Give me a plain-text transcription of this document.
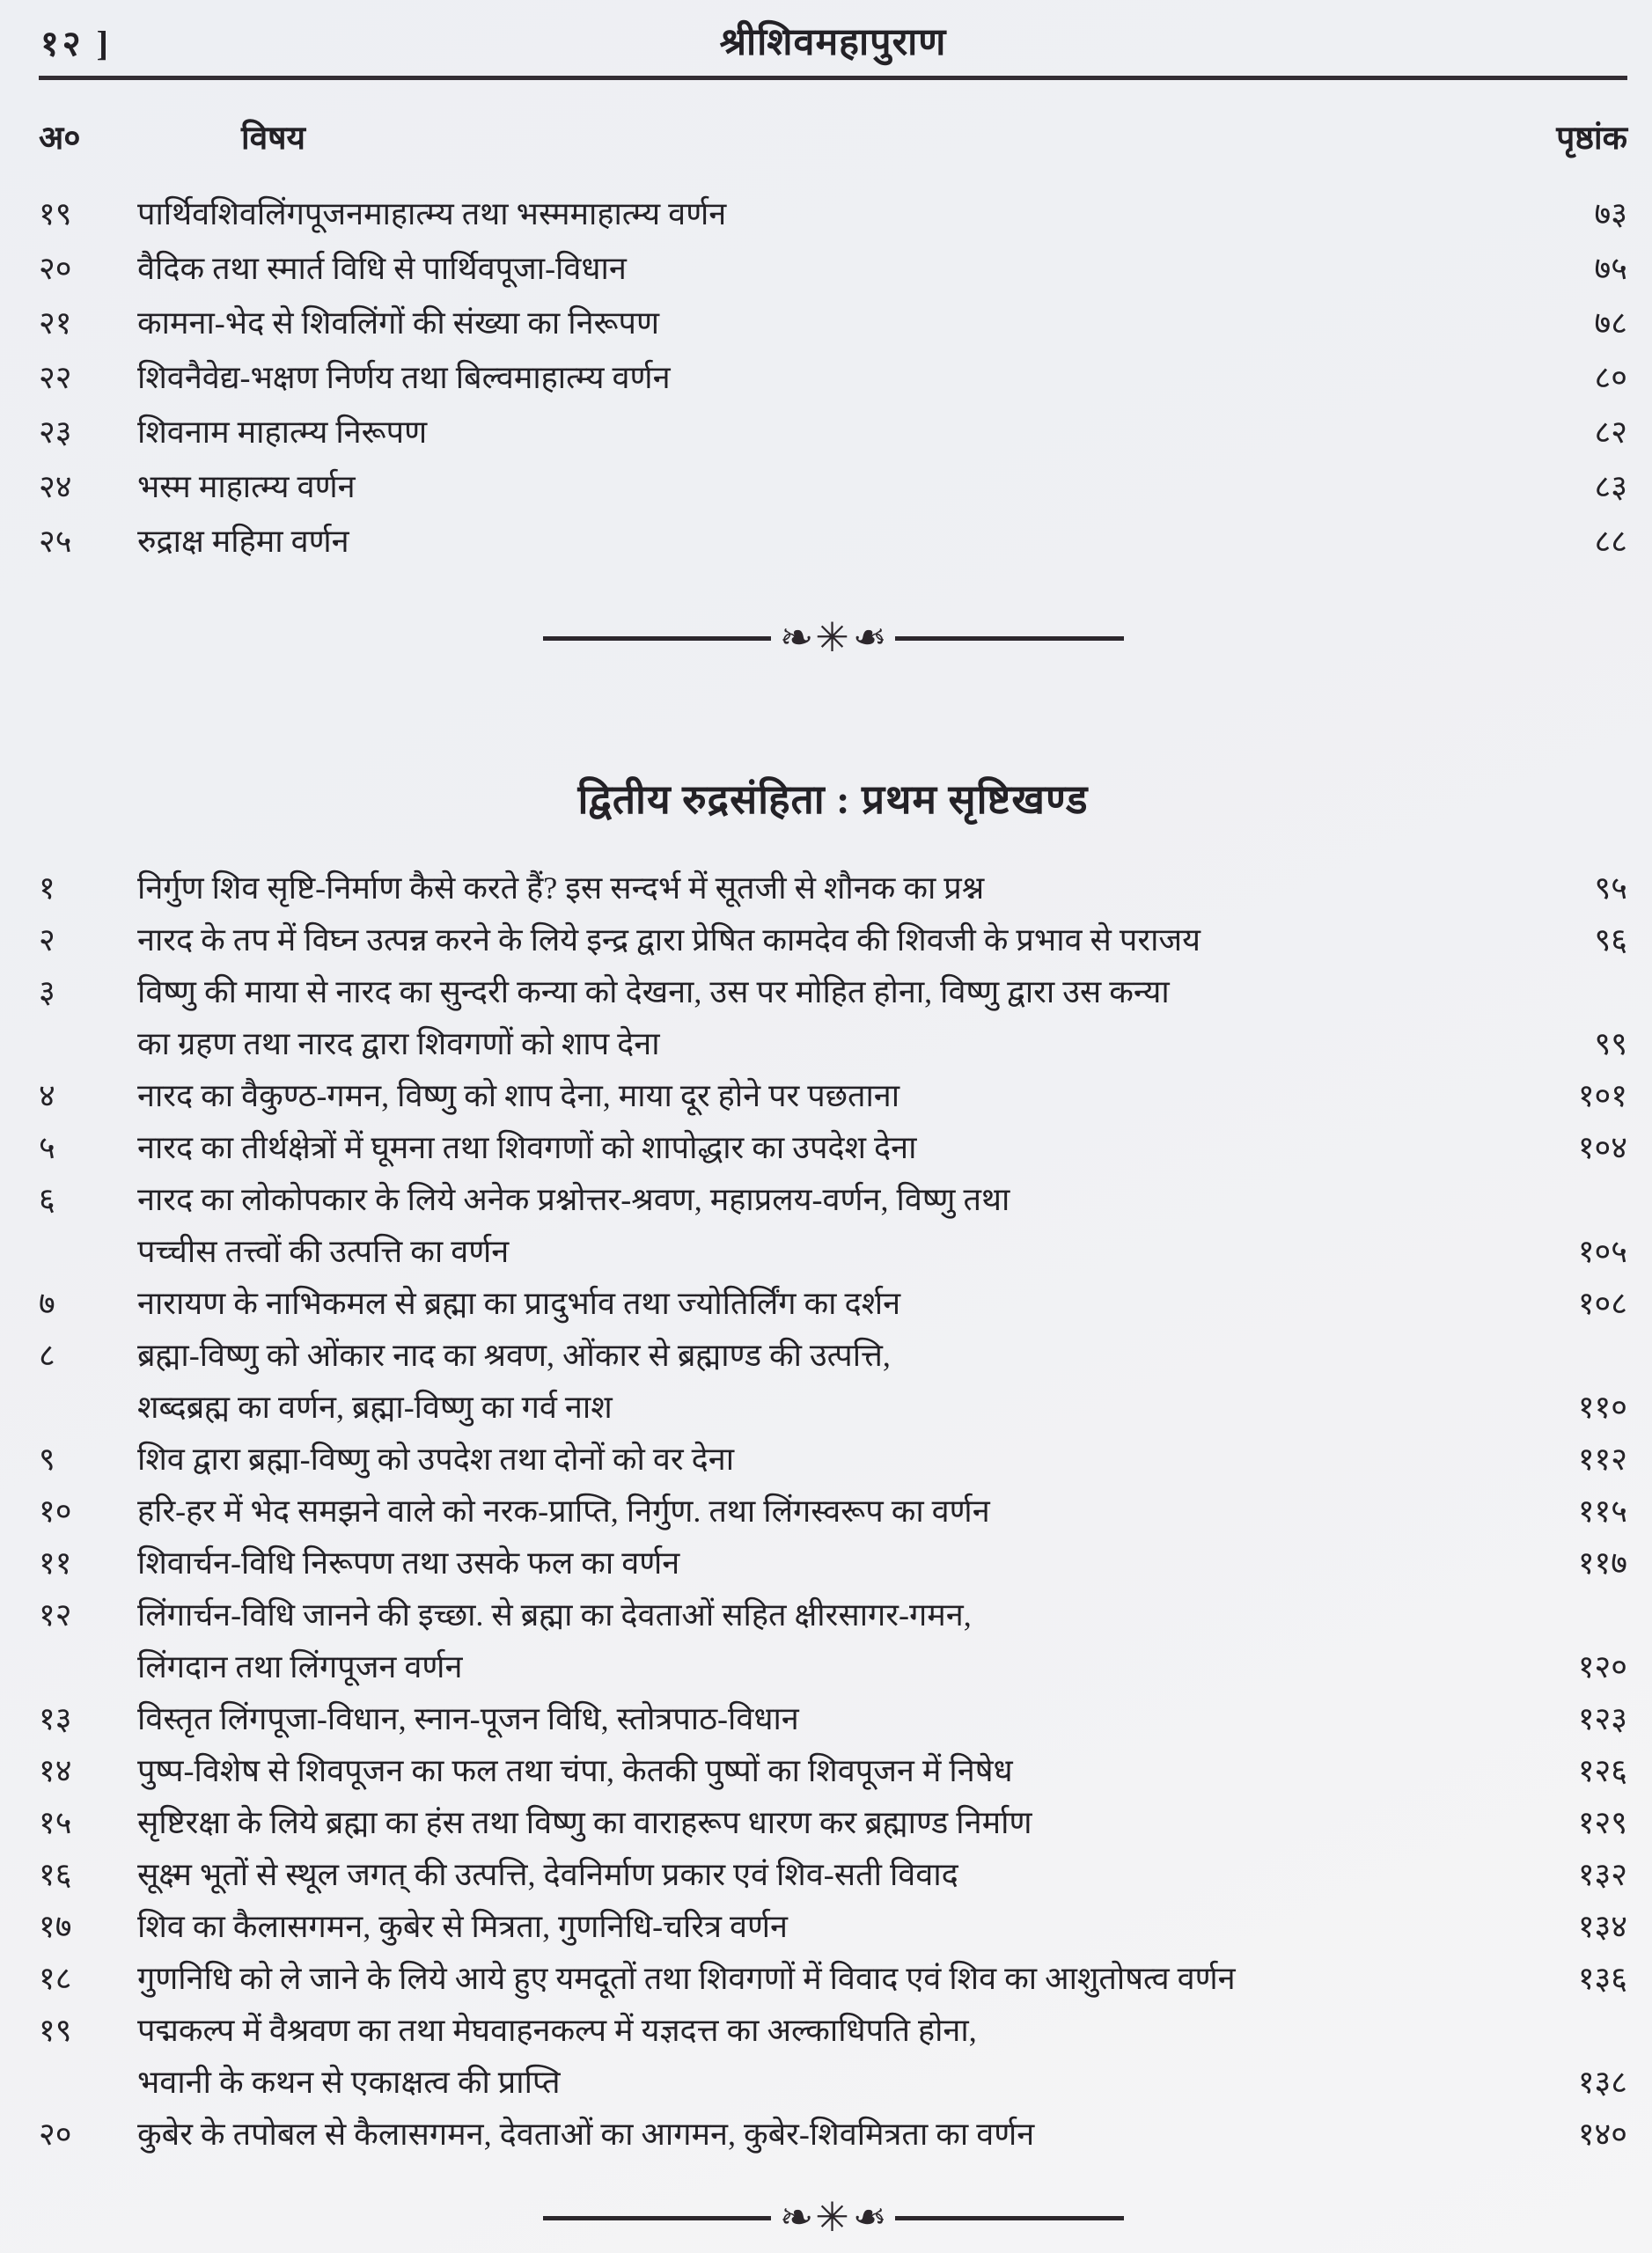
१२ ]	श्रीशिवमहापुराण
अ०	विषय	पृष्ठांक
१९	पार्थिवशिवलिंगपूजनमाहात्म्य तथा भस्ममाहात्म्य वर्णन	७३
२०	वैदिक तथा स्मार्त विधि से पार्थिवपूजा-विधान	७५
२१	कामना-भेद से शिवलिंगों की संख्या का निरूपण	७८
२२	शिवनैवेद्य-भक्षण निर्णय तथा बिल्वमाहात्म्य वर्णन	८०
२३	शिवनाम माहात्म्य निरूपण	८२
२४	भस्म माहात्म्य वर्णन	८३
२५	रुद्राक्ष महिमा वर्णन	८८
❧✳❧
द्वितीय रुद्रसंहिता : प्रथम सृष्टिखण्ड
१	निर्गुण शिव सृष्टि-निर्माण कैसे करते हैं? इस सन्दर्भ में सूतजी से शौनक का प्रश्न	९५
२	नारद के तप में विघ्न उत्पन्न करने के लिये इन्द्र द्वारा प्रेषित कामदेव की शिवजी के प्रभाव से पराजय	९६
३	विष्णु की माया से नारद का सुन्दरी कन्या को देखना, उस पर मोहित होना, विष्णु द्वारा उस कन्या
का ग्रहण तथा नारद द्वारा शिवगणों को शाप देना	९९
४	नारद का वैकुण्ठ-गमन, विष्णु को शाप देना, माया दूर होने पर पछताना	१०१
५	नारद का तीर्थक्षेत्रों में घूमना तथा शिवगणों को शापोद्धार का उपदेश देना	१०४
६	नारद का लोकोपकार के लिये अनेक प्रश्नोत्तर-श्रवण, महाप्रलय-वर्णन, विष्णु तथा
पच्चीस तत्त्वों की उत्पत्ति का वर्णन	१०५
७	नारायण के नाभिकमल से ब्रह्मा का प्रादुर्भाव तथा ज्योतिर्लिंग का दर्शन	१०८
८	ब्रह्मा-विष्णु को ओंकार नाद का श्रवण, ओंकार से ब्रह्माण्ड की उत्पत्ति,
शब्दब्रह्म का वर्णन, ब्रह्मा-विष्णु का गर्व नाश	११०
९	शिव द्वारा ब्रह्मा-विष्णु को उपदेश तथा दोनों को वर देना	११२
१०	हरि-हर में भेद समझने वाले को नरक-प्राप्ति, निर्गुण. तथा लिंगस्वरूप का वर्णन	११५
११	शिवार्चन-विधि निरूपण तथा उसके फल का वर्णन	११७
१२	लिंगार्चन-विधि जानने की इच्छा. से ब्रह्मा का देवताओं सहित क्षीरसागर-गमन,
लिंगदान तथा लिंगपूजन वर्णन	१२०
१३	विस्तृत लिंगपूजा-विधान, स्नान-पूजन विधि, स्तोत्रपाठ-विधान	१२३
१४	पुष्प-विशेष से शिवपूजन का फल तथा चंपा, केतकी पुष्पों का शिवपूजन में निषेध	१२६
१५	सृष्टिरक्षा के लिये ब्रह्मा का हंस तथा विष्णु का वाराहरूप धारण कर ब्रह्माण्ड निर्माण	१२९
१६	सूक्ष्म भूतों से स्थूल जगत् की उत्पत्ति, देवनिर्माण प्रकार एवं शिव-सती विवाद	१३२
१७	शिव का कैलासगमन, कुबेर से मित्रता, गुणनिधि-चरित्र वर्णन	१३४
१८	गुणनिधि को ले जाने के लिये आये हुए यमदूतों तथा शिवगणों में विवाद एवं शिव का आशुतोषत्व वर्णन	१३६
१९	पद्मकल्प में वैश्रवण का तथा मेघवाहनकल्प में यज्ञदत्त का अल्काधिपति होना,
भवानी के कथन से एकाक्षत्व की प्राप्ति	१३८
२०	कुबेर के तपोबल से कैलासगमन, देवताओं का आगमन, कुबेर-शिवमित्रता का वर्णन	१४०
❧✳❧
